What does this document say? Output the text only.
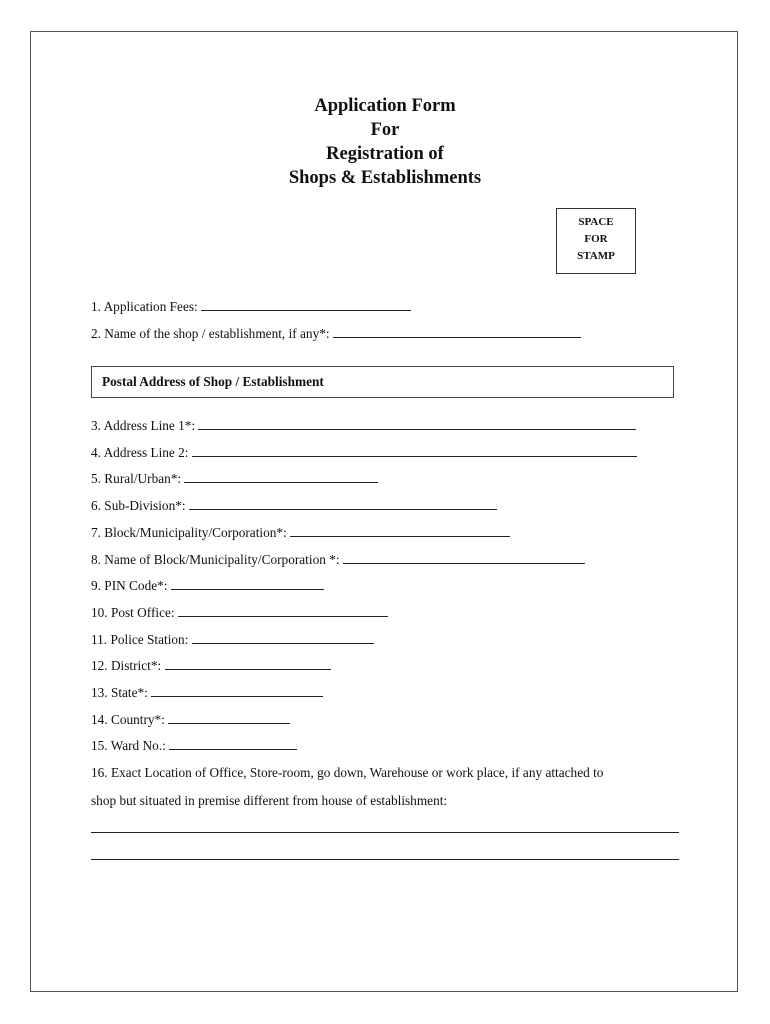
Application Form
For
Registration of
Shops & Establishments
SPACE
FOR
STAMP
1. Application Fees:
2. Name of the shop / establishment, if any*:
Postal Address of Shop / Establishment
3. Address Line 1*:
4. Address Line 2:
5. Rural/Urban*:
6. Sub-Division*:
7. Block/Municipality/Corporation*:
8. Name of Block/Municipality/Corporation *:
9. PIN Code*:
10. Post Office:
11. Police Station:
12. District*:
13. State*:
14. Country*:
15. Ward No.:
16. Exact Location of Office, Store-room, go down, Warehouse or work place, if any attached to
shop but situated in premise different from house of establishment:
